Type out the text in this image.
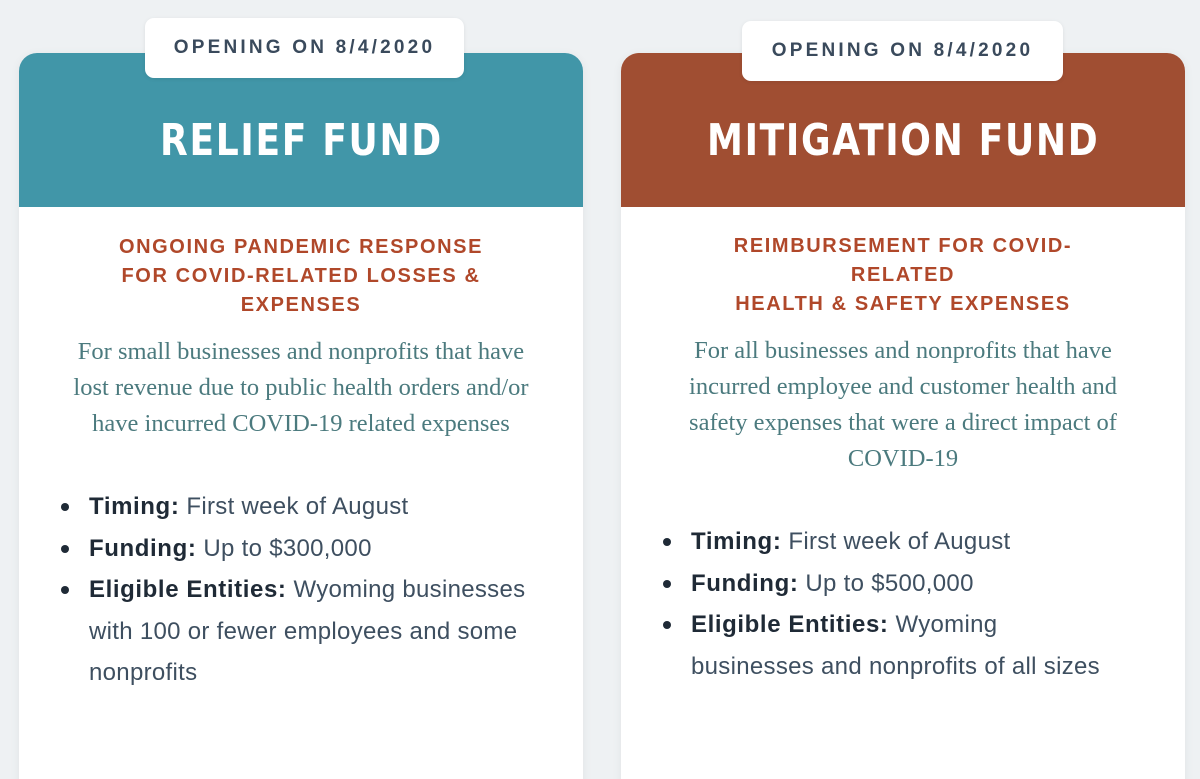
RELIEF FUND
OPENING ON 8/4/2020
ONGOING PANDEMIC RESPONSE
FOR COVID-RELATED LOSSES &
EXPENSES

For small businesses and nonprofits that have lost revenue due to public health orders and/or have incurred COVID-19 related expenses

Timing: First week of August
Funding: Up to $300,000
Eligible Entities: Wyoming businesses with 100 or fewer employees and some nonprofits
MITIGATION FUND
OPENING ON 8/4/2020
REIMBURSEMENT FOR COVID-
RELATED
HEALTH & SAFETY EXPENSES

For all businesses and nonprofits that have incurred employee and customer health and safety expenses that were a direct impact of COVID-19

Timing: First week of August
Funding: Up to $500,000
Eligible Entities: Wyoming businesses and nonprofits of all sizes
